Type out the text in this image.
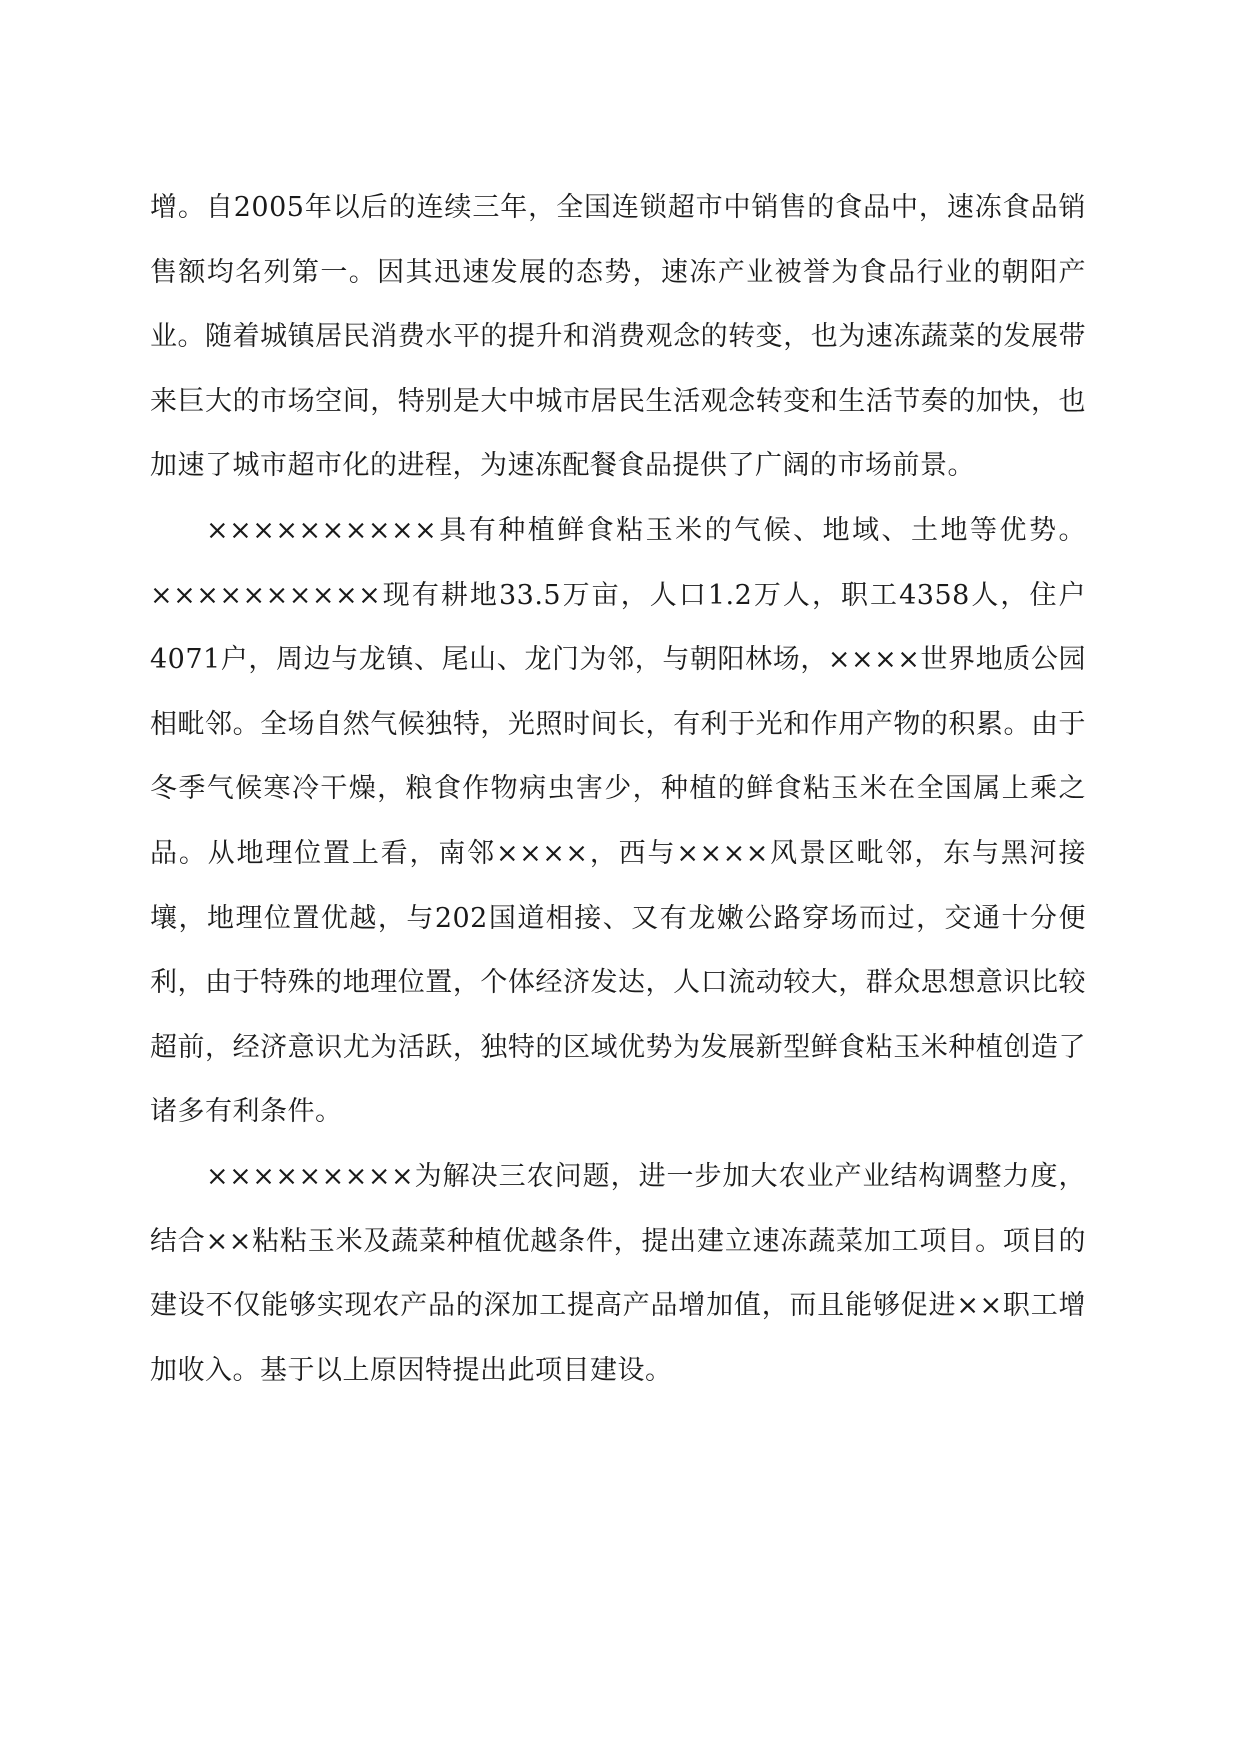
增。自2005年以后的连续三年，全国连锁超市中销售的食品中，速冻食品销售额均名列第一。因其迅速发展的态势，速冻产业被誉为食品行业的朝阳产业。随着城镇居民消费水平的提升和消费观念的转变，也为速冻蔬菜的发展带来巨大的市场空间，特别是大中城市居民生活观念转变和生活节奏的加快，也加速了城市超市化的进程，为速冻配餐食品提供了广阔的市场前景。

××××××××××具有种植鲜食粘玉米的气候、地域、土地等优势。××××××××××现有耕地33.5万亩，人口1.2万人，职工4358人，住户4071户，周边与龙镇、尾山、龙门为邻，与朝阳林场，××××世界地质公园相毗邻。全场自然气候独特，光照时间长，有利于光和作用产物的积累。由于冬季气候寒冷干燥，粮食作物病虫害少，种植的鲜食粘玉米在全国属上乘之品。从地理位置上看，南邻××××，西与××××风景区毗邻，东与黑河接壤，地理位置优越，与202国道相接、又有龙嫩公路穿场而过，交通十分便利，由于特殊的地理位置，个体经济发达，人口流动较大，群众思想意识比较超前，经济意识尤为活跃，独特的区域优势为发展新型鲜食粘玉米种植创造了诸多有利条件。

×××××××××为解决三农问题，进一步加大农业产业结构调整力度，结合××粘粘玉米及蔬菜种植优越条件，提出建立速冻蔬菜加工项目。项目的建设不仅能够实现农产品的深加工提高产品增加值，而且能够促进××职工增加收入。基于以上原因特提出此项目建设。
